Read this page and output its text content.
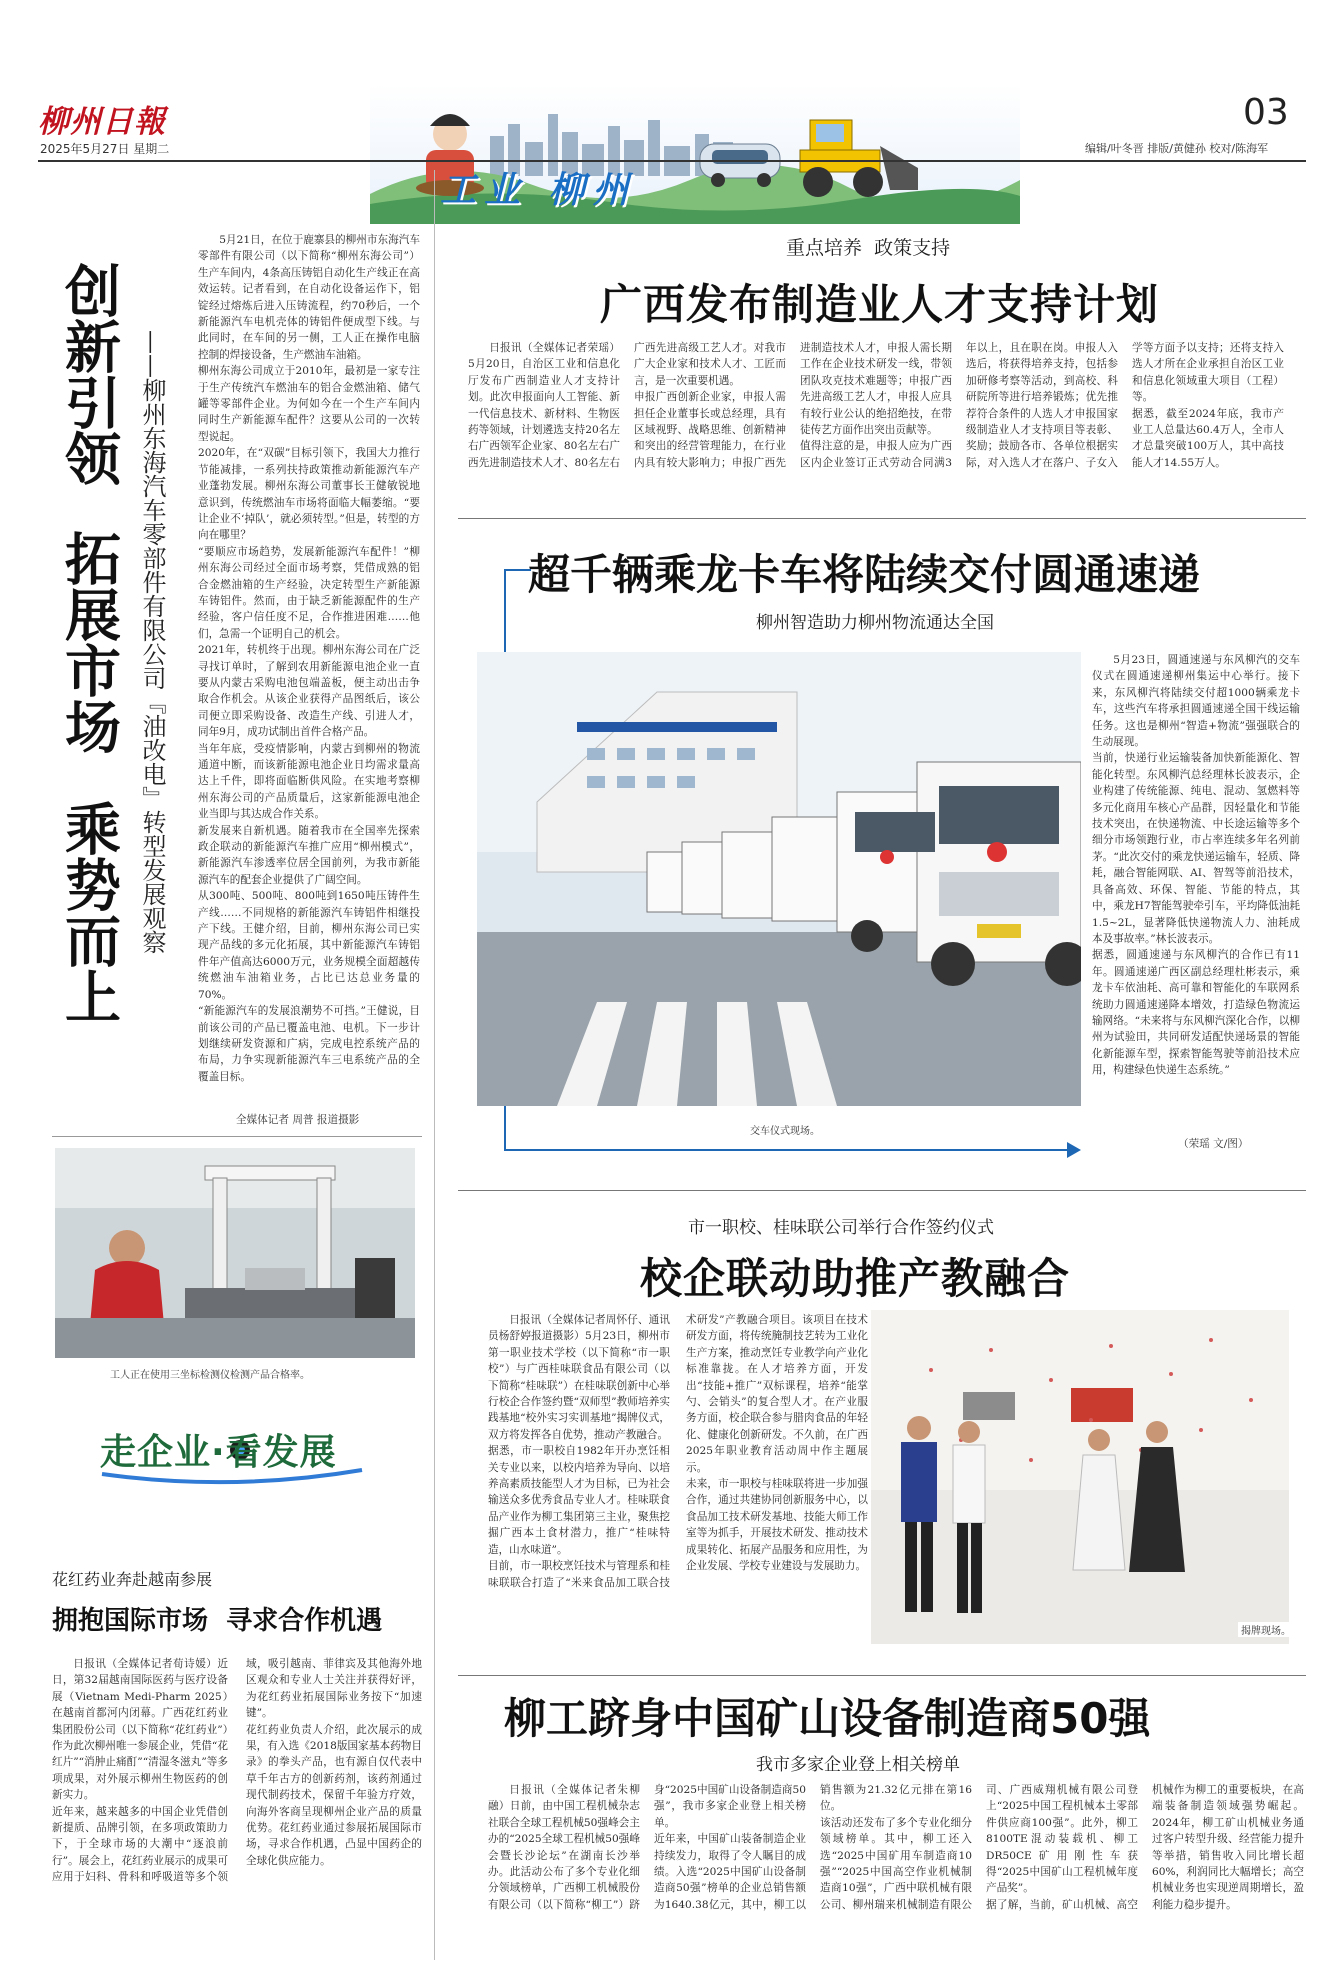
柳州日報
2025年5月27日 星期二
工业 柳州
03
编辑/叶冬晋 排版/黄健孙 校对/陈海军
创新引领
拓展市场
乘势而上 ——柳州东海汽车零部件有限公司『油改电』转型发展观察
5月21日，在位于鹿寨县的柳州市东海汽车零部件有限公司（以下简称“柳州东海公司”）生产车间内，4条高压铸铝自动化生产线正在高效运转。记者看到，在自动化设备运作下，铝锭经过熔炼后进入压铸流程，约70秒后，一个新能源汽车电机壳体的铸铝件便成型下线。与此同时，在车间的另一侧，工人正在操作电脑控制的焊接设备，生产燃油车油箱。
柳州东海公司成立于2010年，最初是一家专注于生产传统汽车燃油车的铝合金燃油箱、储气罐等零部件企业。为何如今在一个生产车间内同时生产新能源车配件？这要从公司的一次转型说起。
2020年，在“双碳”目标引领下，我国大力推行节能减排，一系列扶持政策推动新能源汽车产业蓬勃发展。柳州东海公司董事长王健敏锐地意识到，传统燃油车市场将面临大幅萎缩。“要让企业不‘掉队’，就必须转型。”但是，转型的方向在哪里？
“要顺应市场趋势，发展新能源汽车配件！”柳州东海公司经过全面市场考察，凭借成熟的铝合金燃油箱的生产经验，决定转型生产新能源车铸铝件。然而，由于缺乏新能源配件的生产经验，客户信任度不足，合作推进困难……他们，急需一个证明自己的机会。
2021年，转机终于出现。柳州东海公司在广泛寻找订单时，了解到农用新能源电池企业一直要从内蒙古采购电池包端盖板，便主动出击争取合作机会。从该企业获得产品图纸后，该公司便立即采购设备、改造生产线、引进人才，同年9月，成功试制出首件合格产品。
当年年底，受疫情影响，内蒙古到柳州的物流通道中断，而该新能源电池企业日均需求量高达上千件，即将面临断供风险。在实地考察柳州东海公司的产品质量后，这家新能源电池企业当即与其达成合作关系。
新发展来自新机遇。随着我市在全国率先探索政企联动的新能源汽车推广应用“柳州模式”，新能源汽车渗透率位居全国前列，为我市新能源汽车的配套企业提供了广阔空间。
从300吨、500吨、800吨到1650吨压铸件生产线……不同规格的新能源汽车铸铝件相继投产下线。王健介绍，目前，柳州东海公司已实现产品线的多元化拓展，其中新能源汽车铸铝件年产值高达6000万元，业务规模全面超越传统燃油车油箱业务，占比已达总业务量的70%。
“新能源汽车的发展浪潮势不可挡。”王健说，目前该公司的产品已覆盖电池、电机。下一步计划继续研发资源和广病，完成电控系统产品的布局，力争实现新能源汽车三电系统产品的全覆盖目标。
全媒体记者 周普 报道摄影
工人正在使用三坐标检测仪检测产品合格率。
走企业·看发展
花红药业奔赴越南参展
拥抱国际市场  寻求合作机遇
日报讯（全媒体记者荀诗媛）近日，第32届越南国际医药与医疗设备展（Vietnam Medi-Pharm 2025）在越南首都河内闭幕。广西花红药业集团股份公司（以下简称“花红药业”）作为此次柳州唯一参展企业，凭借“花红片”“消肿止痛酊”“清湿冬滋丸”等多项成果，对外展示柳州生物医药的创新实力。
近年来，越来越多的中国企业凭借创新提质、品牌引领，在多项政策助力下，于全球市场的大潮中“逐浪前行”。展会上，花红药业展示的成果可应用于妇科、骨科和呼吸道等多个领域，吸引越南、菲律宾及其他海外地区观众和专业人士关注并获得好评，为花红药业拓展国际业务按下“加速键”。
花红药业负责人介绍，此次展示的成果，有入选《2018版国家基本药物目录》的拳头产品，也有源自仅代表中草千年古方的创新药剂，该药剂通过现代制药技术，保留千年验方疗效，向海外客商呈现柳州企业产品的质量优势。花红药业通过参展拓展国际市场，寻求合作机遇，凸显中国药企的全球化供应能力。
重点培养  政策支持
广西发布制造业人才支持计划
日报讯（全媒体记者荣瑶）5月20日，自治区工业和信息化厅发布广西制造业人才支持计划。此次申报面向人工智能、新一代信息技术、新材料、生物医药等领域，计划遴选支持20名左右广西领军企业家、80名左右广西先进制造技术人才、80名左右广西先进高级工艺人才。对我市广大企业家和技术人才、工匠而言，是一次重要机遇。
申报广西创新企业家，申报人需担任企业董事长或总经理，具有区域视野、战略思维、创新精神和突出的经营管理能力，在行业内具有较大影响力；申报广西先进制造技术人才，申报人需长期工作在企业技术研发一线，带领团队攻克技术难题等；申报广西先进高级工艺人才，申报人应具有较行业公认的绝招绝技，在带徒传艺方面作出突出贡献等。
值得注意的是，申报人应为广西区内企业签订正式劳动合同满3年以上，且在职在岗。申报人入选后，将获得培养支持，包括参加研修考察等活动，到高校、科研院所等进行培养锻炼；优先推荐符合条件的人选人才申报国家级制造业人才支持项目等表彰、奖励；鼓励各市、各单位根据实际，对入选人才在落户、子女入学等方面予以支持；还将支持入选人才所在企业承担自治区工业和信息化领域重大项目（工程）等。
据悉，截至2024年底，我市产业工人总量达60.4万人，全市人才总量突破100万人，其中高技能人才14.55万人。
超千辆乘龙卡车将陆续交付圆通速递
柳州智造助力柳州物流通达全国
交车仪式现场。
5月23日，圆通速递与东风柳汽的交车仪式在圆通速递柳州集运中心举行。接下来，东风柳汽将陆续交付超1000辆乘龙卡车，这些汽车将承担圆通速递全国干线运输任务。这也是柳州“智造+物流”强强联合的生动展现。
当前，快递行业运输装备加快新能源化、智能化转型。东风柳汽总经理林长波表示，企业构建了传统能源、纯电、混动、氢燃料等多元化商用车核心产品群，因轻量化和节能技术突出，在快递物流、中长途运输等多个细分市场领跑行业，市占率连续多年名列前茅。“此次交付的乘龙快递运输车，轻质、降耗，融合智能网联、AI、智驾等前沿技术，具备高效、环保、智能、节能的特点，其中，乘龙H7智能驾驶牵引车，平均降低油耗1.5~2L，显著降低快递物流人力、油耗成本及事故率。”林长波表示。
据悉，圆通速递与东风柳汽的合作已有11年。圆通速递广西区副总经理杜彬表示，乘龙卡车依油耗、高可靠和智能化的车联网系统助力圆通速递降本增效，打造绿色物流运输网络。“未来将与东风柳汽深化合作，以柳州为试验田，共同研发适配快递场景的智能化新能源车型，探索智能驾驶等前沿技术应用，构建绿色快递生态系统。”
（荣瑶 文/图）
市一职校、桂味联公司举行合作签约仪式
校企联动助推产教融合
日报讯（全媒体记者周怀仔、通讯员杨舒婷报道摄影）5月23日，柳州市第一职业技术学校（以下简称“市一职校”）与广西桂味联食品有限公司（以下简称“桂味联”）在桂味联创新中心举行校企合作签约暨“双师型”教师培养实践基地“校外实习实训基地”揭牌仪式，双方将发挥各自优势，推动产教融合。
据悉，市一职校自1982年开办烹饪相关专业以来，以校内培养为导向、以培养高素质技能型人才为目标，已为社会输送众多优秀食品专业人才。桂味联食品产业作为柳工集团第三主业，聚焦挖掘广西本土食材潜力，推广“桂味特造，山水味道”。
目前，市一职校烹饪技术与管理系和桂味联联合打造了“米来食品加工联合技术研发”产教融合项目。该项目在技术研发方面，将传统腌制技艺转为工业化生产方案，推动烹饪专业教学向产业化标准靠拢。在人才培养方面，开发出“技能+推广”双标课程，培养“能掌勺、会销头”的复合型人才。在产业服务方面，校企联合参与腊肉食品的年轻化、健康化创新研发。不久前，在广西2025年职业教育活动周中作主题展示。
未来，市一职校与桂味联将进一步加强合作，通过共建协同创新服务中心，以食品加工技术研发基地、技能大师工作室等为抓手，开展技术研发、推动技术成果转化、拓展产品服务和应用性，为企业发展、学校专业建设与发展助力。
揭牌现场。
柳工跻身中国矿山设备制造商50强
我市多家企业登上相关榜单
日报讯（全媒体记者朱柳融）日前，由中国工程机械杂志社联合全球工程机械50强峰会主办的“2025全球工程机械50强峰会暨长沙论坛”在湖南长沙举办。此活动公布了多个专业化细分领域榜单，广西柳工机械股份有限公司（以下简称“柳工”）跻身“2025中国矿山设备制造商50强”，我市多家企业登上相关榜单。
近年来，中国矿山装备制造企业持续发力，取得了令人瞩目的成绩。入选“2025中国矿山设备制造商50强”榜单的企业总销售额为1640.38亿元，其中，柳工以销售额为21.32亿元排在第16位。
该活动还发布了多个专业化细分领域榜单。其中，柳工还入选“2025中国矿用车制造商10强”“2025中国高空作业机械制造商10强”，广西中联机械有限公司、柳州瑞来机械制造有限公司、广西威翔机械有限公司登上“2025中国工程机械本土零部件供应商100强”。此外，柳工8100TE混动装载机、柳工DR50CE矿用刚性车获得“2025中国矿山工程机械年度产品奖”。
据了解，当前，矿山机械、高空机械作为柳工的重要板块，在高端装备制造领域强势崛起。2024年，柳工矿山机械业务通过客户转型升级、经营能力提升等举措，销售收入同比增长超60%，利润同比大幅增长；高空机械业务也实现逆周期增长，盈利能力稳步提升。
